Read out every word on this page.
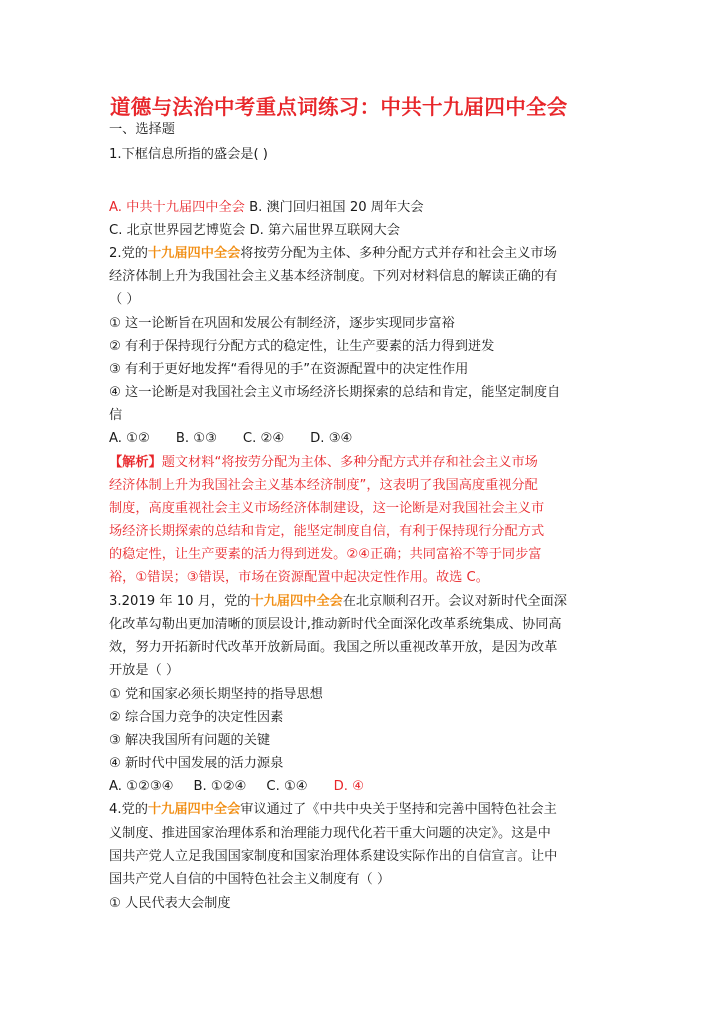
道德与法治中考重点词练习：中共十九届四中全会
一、选择题
1.下框信息所指的盛会是( )
A. 中共十九届四中全会 B. 澳门回归祖国 20 周年大会
C. 北京世界园艺博览会 D. 第六届世界互联网大会
2.党的十九届四中全会将按劳分配为主体、多种分配方式并存和社会主义市场
经济体制上升为我国社会主义基本经济制度。下列对材料信息的解读正确的有
（ ）
① 这一论断旨在巩固和发展公有制经济，逐步实现同步富裕
② 有利于保持现行分配方式的稳定性，让生产要素的活力得到迸发
③ 有利于更好地发挥“看得见的手”在资源配置中的决定性作用
④ 这一论断是对我国社会主义市场经济长期探索的总结和肯定，能坚定制度自
信
A. ①② B. ①③ C. ②④ D. ③④
【解析】题文材料“将按劳分配为主体、多种分配方式并存和社会主义市场
经济体制上升为我国社会主义基本经济制度”，这表明了我国高度重视分配
制度，高度重视社会主义市场经济体制建设，这一论断是对我国社会主义市
场经济长期探索的总结和肯定，能坚定制度自信，有利于保持现行分配方式
的稳定性，让生产要素的活力得到迸发。②④正确；共同富裕不等于同步富
裕，①错误；③错误，市场在资源配置中起决定性作用。故选 C。
3.2019 年 10 月，党的十九届四中全会在北京顺利召开。会议对新时代全面深
化改革勾勒出更加清晰的顶层设计,推动新时代全面深化改革系统集成、协同高
效，努力开拓新时代改革开放新局面。我国之所以重视改革开放，是因为改革
开放是（ ）
① 党和国家必须长期坚持的指导思想
② 综合国力竞争的决定性因素
③ 解决我国所有问题的关键
④ 新时代中国发展的活力源泉
A. ①②③④ B. ①②④ C. ①④ D. ④
4.党的十九届四中全会审议通过了《中共中央关于坚持和完善中国特色社会主
义制度、推进国家治理体系和治理能力现代化若干重大问题的决定》。这是中
国共产党人立足我国国家制度和国家治理体系建设实际作出的自信宣言。让中
国共产党人自信的中国特色社会主义制度有（ ）
① 人民代表大会制度
